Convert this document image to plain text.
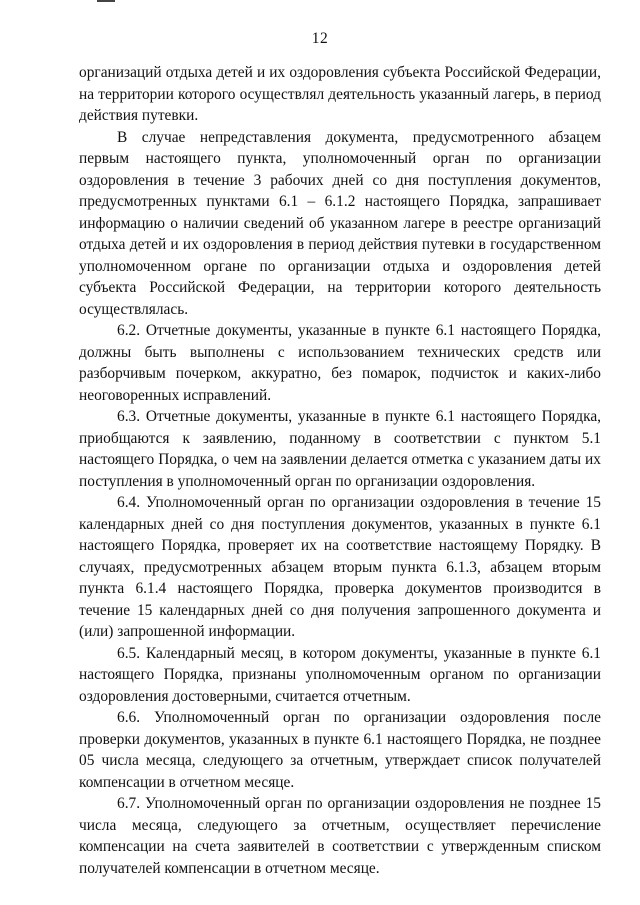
12

организаций отдыха детей и их оздоровления субъекта Российской Федерации, на территории которого осуществлял деятельность указанный лагерь, в период действия путевки.

В случае непредставления документа, предусмотренного абзацем первым настоящего пункта, уполномоченный орган по организации оздоровления в течение 3 рабочих дней со дня поступления документов, предусмотренных пунктами 6.1 – 6.1.2 настоящего Порядка, запрашивает информацию о наличии сведений об указанном лагере в реестре организаций отдыха детей и их оздоровления в период действия путевки в государственном уполномоченном органе по организации отдыха и оздоровления детей субъекта Российской Федерации, на территории которого деятельность осуществлялась.

6.2. Отчетные документы, указанные в пункте 6.1 настоящего Порядка, должны быть выполнены с использованием технических средств или разборчивым почерком, аккуратно, без помарок, подчисток и каких-либо неоговоренных исправлений.

6.3. Отчетные документы, указанные в пункте 6.1 настоящего Порядка, приобщаются к заявлению, поданному в соответствии с пунктом 5.1 настоящего Порядка, о чем на заявлении делается отметка с указанием даты их поступления в уполномоченный орган по организации оздоровления.

6.4. Уполномоченный орган по организации оздоровления в течение 15 календарных дней со дня поступления документов, указанных в пункте 6.1 настоящего Порядка, проверяет их на соответствие настоящему Порядку. В случаях, предусмотренных абзацем вторым пункта 6.1.3, абзацем вторым пункта 6.1.4 настоящего Порядка, проверка документов производится в течение 15 календарных дней со дня получения запрошенного документа и (или) запрошенной информации.

6.5. Календарный месяц, в котором документы, указанные в пункте 6.1 настоящего Порядка, признаны уполномоченным органом по организации оздоровления достоверными, считается отчетным.

6.6. Уполномоченный орган по организации оздоровления после проверки документов, указанных в пункте 6.1 настоящего Порядка, не позднее 05 числа месяца, следующего за отчетным, утверждает список получателей компенсации в отчетном месяце.

6.7. Уполномоченный орган по организации оздоровления не позднее 15 числа месяца, следующего за отчетным, осуществляет перечисление компенсации на счета заявителей в соответствии с утвержденным списком получателей компенсации в отчетном месяце.
